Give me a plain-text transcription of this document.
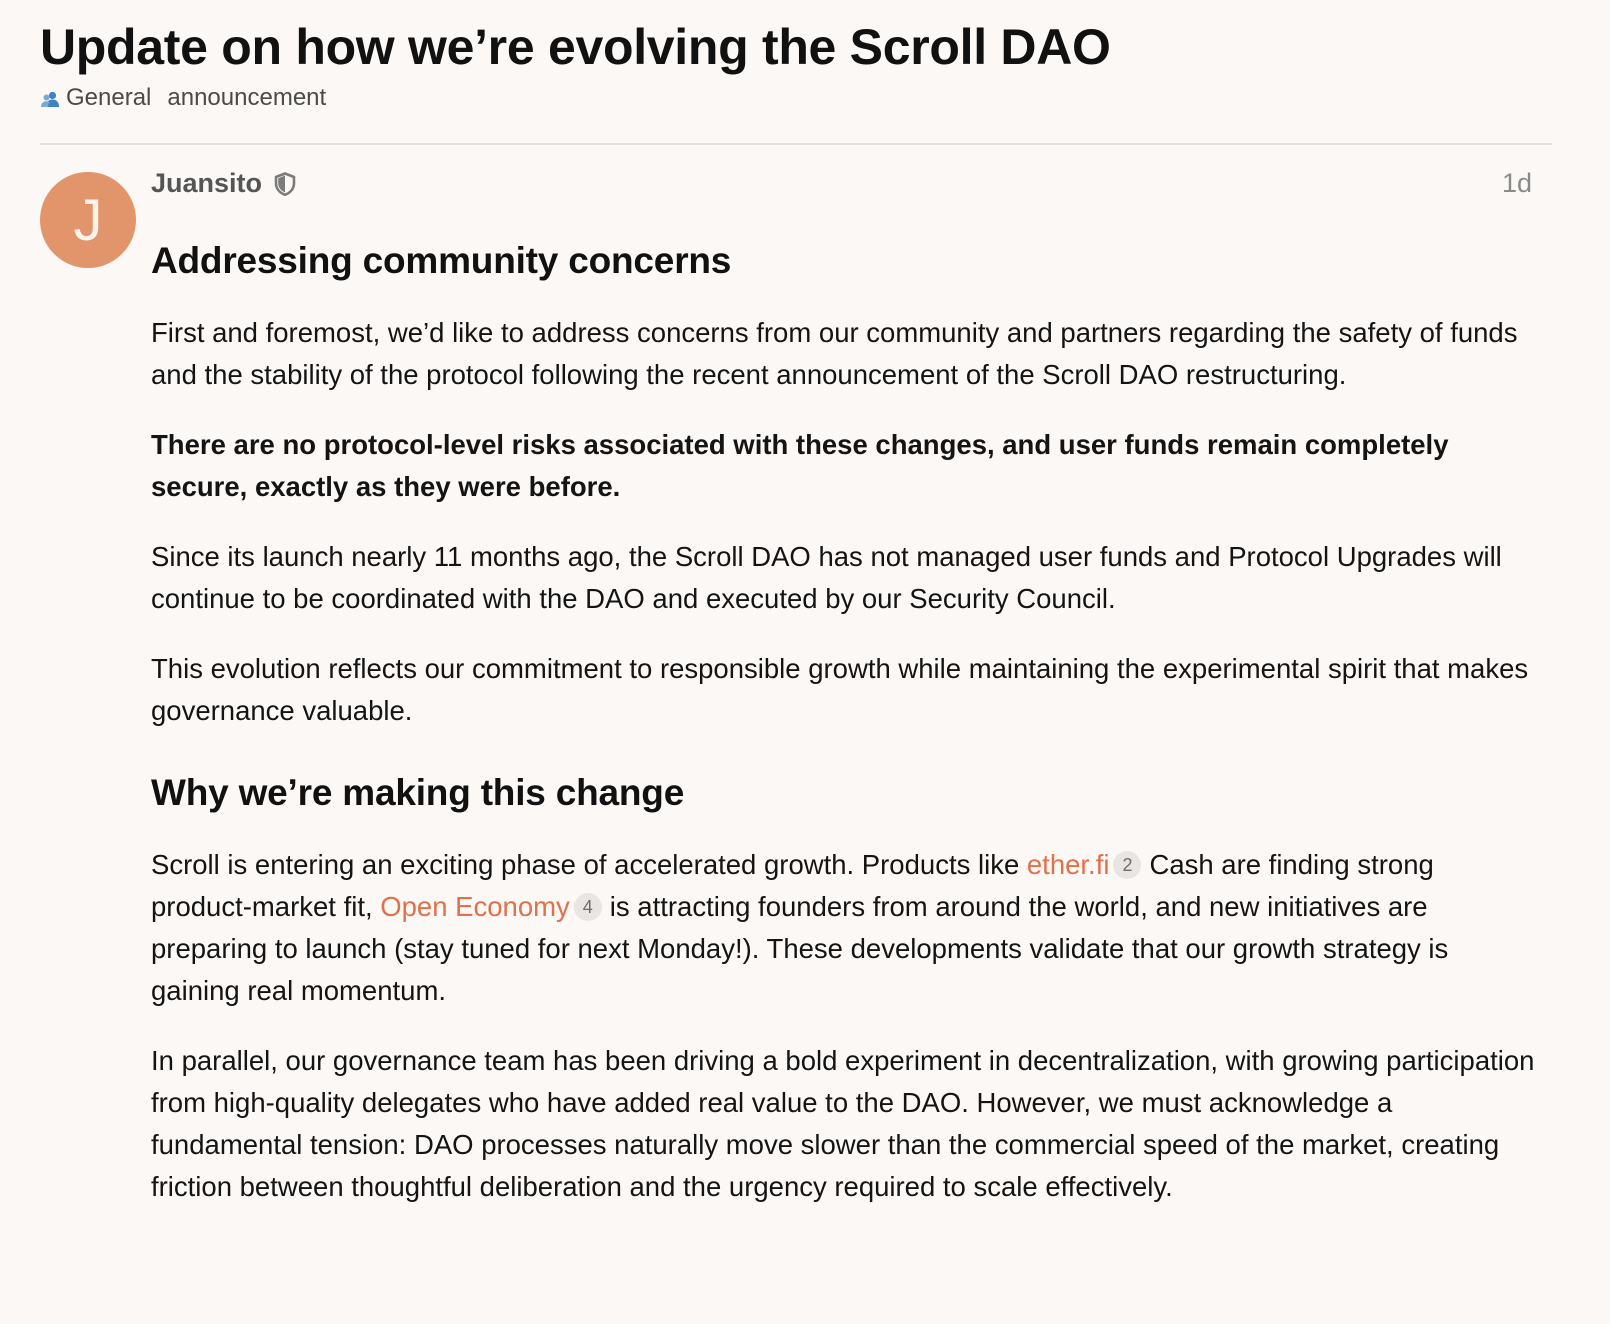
Update on how we’re evolving the Scroll DAO
General announcement
J
Juansito	1d
Addressing community concerns

First and foremost, we’d like to address concerns from our community and partners regarding the safety of funds and the stability of the protocol following the recent announcement of the Scroll DAO restructuring.

There are no protocol-level risks associated with these changes, and user funds remain completely secure, exactly as they were before.

Since its launch nearly 11 months ago, the Scroll DAO has not managed user funds and Protocol Upgrades will continue to be coordinated with the DAO and executed by our Security Council.

This evolution reflects our commitment to responsible growth while maintaining the experimental spirit that makes governance valuable.

Why we’re making this change

Scroll is entering an exciting phase of accelerated growth. Products like ether.fi 2 Cash are finding strong product-market fit, Open Economy 4 is attracting founders from around the world, and new initiatives are preparing to launch (stay tuned for next Monday!). These developments validate that our growth strategy is gaining real momentum.

In parallel, our governance team has been driving a bold experiment in decentralization, with growing participation from high-quality delegates who have added real value to the DAO. However, we must acknowledge a fundamental tension: DAO processes naturally move slower than the commercial speed of the market, creating friction between thoughtful deliberation and the urgency required to scale effectively.
